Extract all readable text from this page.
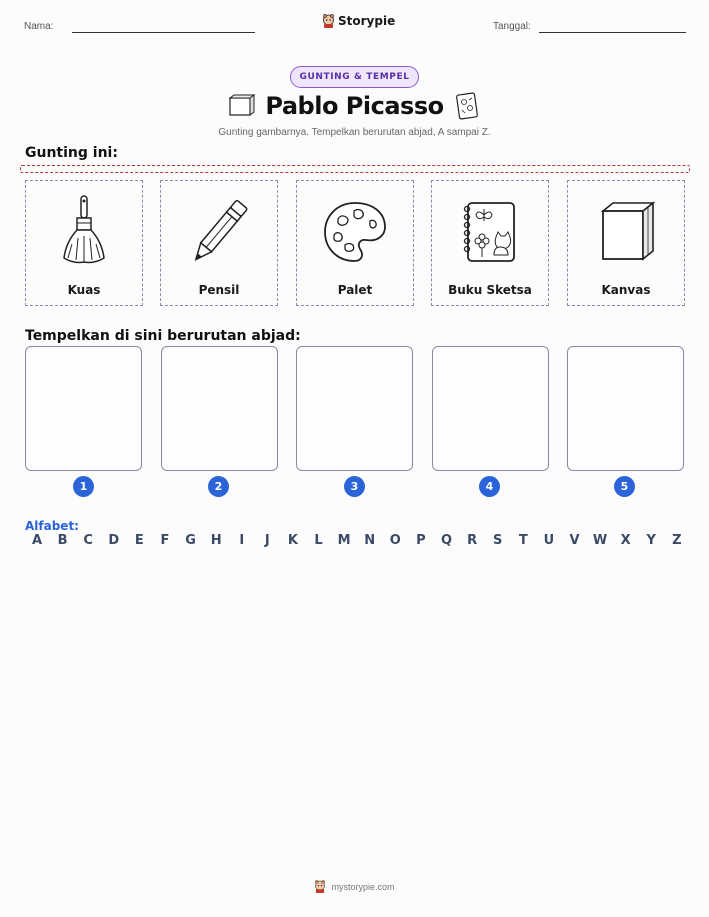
Nama:	Storypie	Tanggal:
GUNTING & TEMPEL
Pablo Picasso
Gunting gambarnya. Tempelkan berurutan abjad, A sampai Z.
Gunting ini:
Kuas	Pensil	Palet	Buku Sketsa	Kanvas
Tempelkan di sini berurutan abjad:
1	2	3	4	5
Alfabet:
A	B	C	D	E	F	G	H	I	J	K	L	M	N	O	P	Q	R	S	T	U	V	W	X	Y	Z
mystorypie.com
